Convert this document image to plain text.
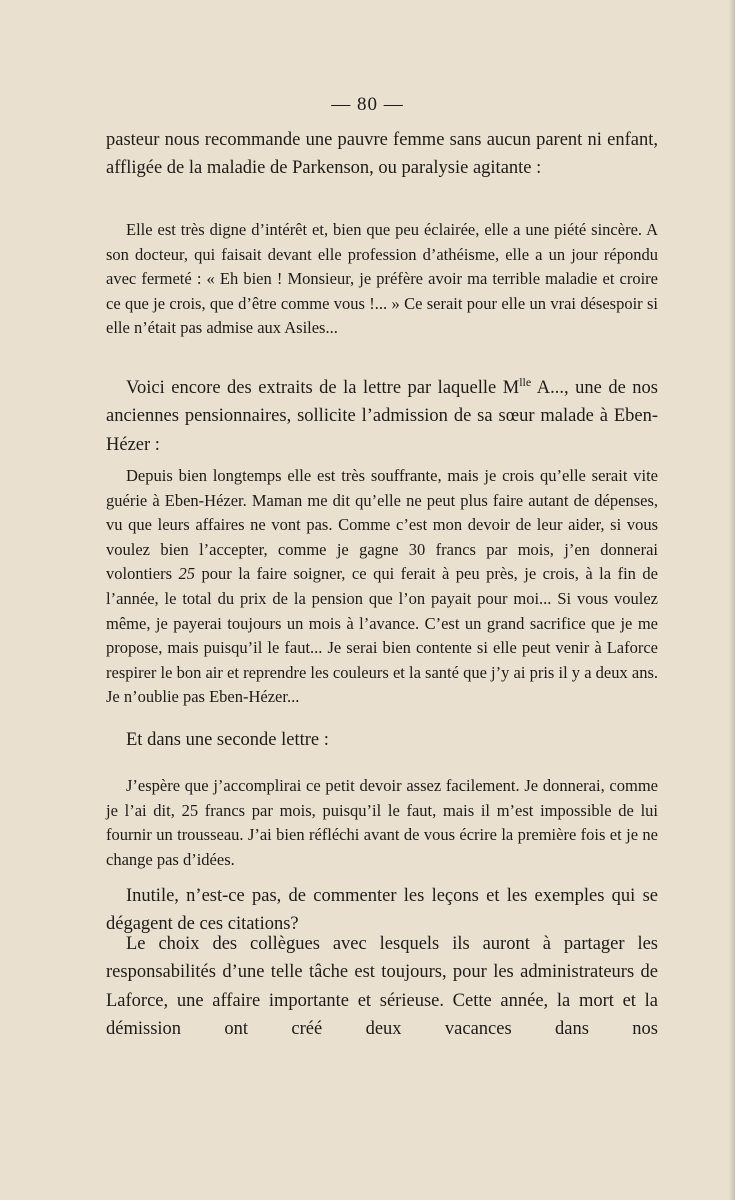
— 80 —

pasteur nous recommande une pauvre femme sans aucun parent ni enfant, affligée de la maladie de Parkenson, ou paralysie agitante :

Elle est très digne d’intérêt et, bien que peu éclairée, elle a une piété sincère. A son docteur, qui faisait devant elle profession d’athéisme, elle a un jour répondu avec fermeté : « Eh bien ! Monsieur, je préfère avoir ma terrible maladie et croire ce que je crois, que d’être comme vous !... » Ce serait pour elle un vrai désespoir si elle n’était pas admise aux Asiles...

Voici encore des extraits de la lettre par laquelle $M^{lle}$ A..., une de nos anciennes pensionnaires, sollicite l’admission de sa sœur malade à Eben-Hézer :

Depuis bien longtemps elle est très souffrante, mais je crois qu’elle serait vite guérie à Eben-Hézer. Maman me dit qu’elle ne peut plus faire autant de dépenses, vu que leurs affaires ne vont pas. Comme c’est mon devoir de leur aider, si vous voulez bien l’accepter, comme je gagne 30 francs par mois, j’en donnerai volontiers 25 pour la faire soigner, ce qui ferait à peu près, je crois, à la fin de l’année, le total du prix de la pension que l’on payait pour moi... Si vous voulez même, je payerai toujours un mois à l’avance. C’est un grand sacrifice que je me propose, mais puisqu’il le faut... Je serai bien contente si elle peut venir à Laforce respirer le bon air et reprendre les couleurs et la santé que j’y ai pris il y a deux ans. Je n’oublie pas Eben-Hézer...

Et dans une seconde lettre :

J’espère que j’accomplirai ce petit devoir assez facilement. Je donnerai, comme je l’ai dit, 25 francs par mois, puisqu’il le faut, mais il m’est impossible de lui fournir un trousseau. J’ai bien réfléchi avant de vous écrire la première fois et je ne change pas d’idées.

Inutile, n’est-ce pas, de commenter les leçons et les exemples qui se dégagent de ces citations?

Le choix des collègues avec lesquels ils auront à partager les responsabilités d’une telle tâche est toujours, pour les administrateurs de Laforce, une affaire importante et sérieuse. Cette année, la mort et la démission ont créé deux vacances dans nos
